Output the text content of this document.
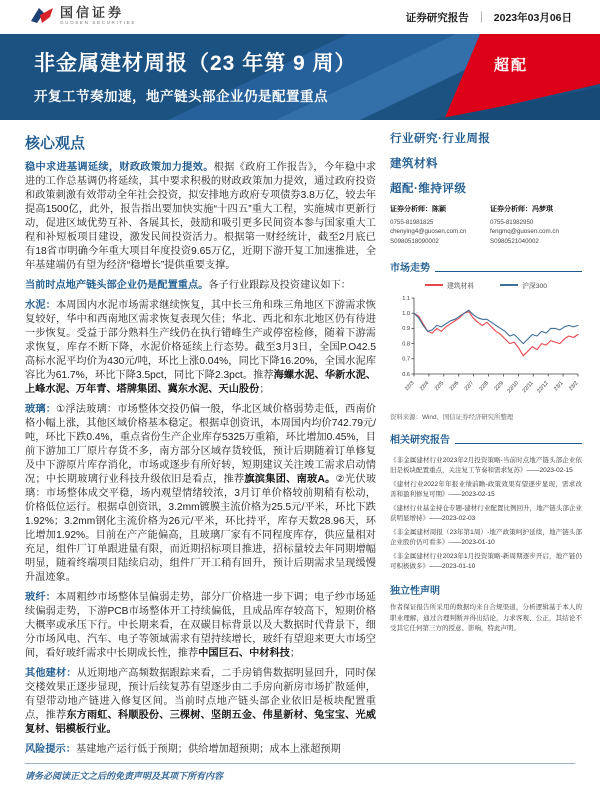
国信证券
GUOSEN SECURITIES	证券研究报告 ｜ 2023年03月06日
非金属建材周报（23 年第 9 周）
开复工节奏加速，地产链头部企业仍是配置重点
超配
核心观点

稳中求进基调延续，财政政策加力提效。根据《政府工作报告》，今年稳中求进的工作总基调仍将延续，其中要求积极的财政政策加力提效，通过政府投资和政策刺激有效带动全年社会投资，拟安排地方政府专项债券3.8万亿，较去年提高1500亿，此外，报告指出要加快实施“十四五”重大工程，实施城市更新行动，促进区域优势互补、各展其长，鼓励和吸引更多民间资本参与国家重大工程和补短板项目建设，激发民间投资活力。根据第一财经统计，截至2月底已有18省市明确今年重大项目年度投资9.65万亿，近期下游开复工加速推进，全年基建端仍有望为经济“稳增长”提供重要支撑。

当前时点地产链头部企业仍是配置重点。各子行业跟踪及投资建议如下：

水泥：本周国内水泥市场需求继续恢复，其中长三角和珠三角地区下游需求恢复较好，华中和西南地区需求恢复表现欠佳；华北、西北和东北地区仍有待进一步恢复。受益于部分熟料生产线仍在执行错峰生产或停窑检修，随着下游需求恢复，库存不断下降，水泥价格延续上行态势。截至3月3日，全国P.O42.5高标水泥平均价为430元/吨，环比上涨0.04%，同比下降16.20%，全国水泥库容比为61.7%，环比下降3.5pct，同比下降2.3pct。推荐海螺水泥、华新水泥、上峰水泥、万年青、塔牌集团、冀东水泥、天山股份；

玻璃：①浮法玻璃：市场整体交投仍偏一般，华北区域价格弱势走低，西南价格小幅上涨，其他区域价格基本稳定。根据卓创资讯，本周国内均价742.79元/吨，环比下跌0.4%，重点省份生产企业库存5325万重箱，环比增加0.45%，目前下游加工厂原片存货不多，南方部分区域存货较低，预计后期随着订单修复及中下游原片库存消化，市场或逐步有所好转，短期建议关注竣工需求启动情况；中长期玻璃行业科技升级依旧是看点，推荐旗滨集团、南玻A。②光伏玻璃：市场整体成交平稳，场内观望情绪较浓，3月订单价格较前期稍有松动，价格低位运行。根据卓创资讯，3.2mm镀膜主流价格为25.5元/平米，环比下跌1.92%；3.2mm钢化主流价格为26元/平米，环比持平，库存天数28.96天，环比增加1.92%。目前在产产能偏高，且玻璃厂家有不同程度库存，供应量相对充足，组件厂订单跟进量有限，而近期招标项目推进，招标量较去年同期增幅明显，随着终端项目陆续启动，组件厂开工稍有回升，预计后期需求呈现缓慢升温迹象。

玻纤：本周粗纱市场整体呈偏弱走势，部分厂价格进一步下调；电子纱市场延续偏弱走势，下游PCB市场整体开工持续偏低，且成品库存较高下，短期价格大概率或承压下行。中长期来看，在双碳目标背景以及大数据时代背景下，细分市场风电、汽车、电子等领域需求有望持续增长，玻纤有望迎来更大市场空间，看好玻纤需求中长期成长性，推荐中国巨石、中材科技；

其他建材：从近期地产高频数据跟踪来看，二手房销售数据明显回升，同时保交楼效果正逐步显现，预计后续复苏有望逐步由二手房向新房市场扩散延伸，有望带动地产链进入修复区间。当前时点地产链头部企业依旧是板块配置重点，推荐东方雨虹、科顺股份、三棵树、坚朗五金、伟星新材、兔宝宝、光威复材、铝模板行业。

风险提示：基建地产运行低于预期；供给增加超预期；成本上涨超预期

行业研究·行业周报
建筑材料
超配·维持评级
证券分析师：陈颖
0755-81981825
chenying4@guosen.com.cn
S0980518090002
证券分析师：冯梦琪
0755-81982950
fengmq@guosen.com.cn
S0980521040002
市场走势
建筑材料	沪深300
0.6
0.7
0.8
0.9
1.0
1.1
22/3 22/4 22/5 22/6 22/7 22/8 22/9 22/10 22/11 22/12 23/1 23/2
资料来源：Wind、国信证券经济研究所整理
相关研究报告

《非金属建材行业2023年2月投资策略-当前时点地产链头部企业依旧是板块配置重点，关注复工节奏和需求复苏》——2023-02-15

《建材行业2022年年报业绩前瞻-政策效果有望逐步显现，需求改善和盈利修复可期》——2023-02-15

《建材行业基金持仓专题-建材行业配置比例回升，地产链头部企业获明显增持》——2023-02-03

《非金属建材周报（23年第1周）-地产政策呵护延续，地产链头部企业股价仍可看多》——2023-01-10

《非金属建材行业2023年1月投资策略-新周期逐步开启，地产链仍可积极做多》——2023-01-10

独立性声明

作者保证报告所采用的数据均来自合规渠道，分析逻辑基于本人的职业理解，通过合理判断并得出结论，力求客观、公正，其结论不受其它任何第三方的授意、影响，特此声明。

请务必阅读正文之后的免责声明及其项下所有内容
